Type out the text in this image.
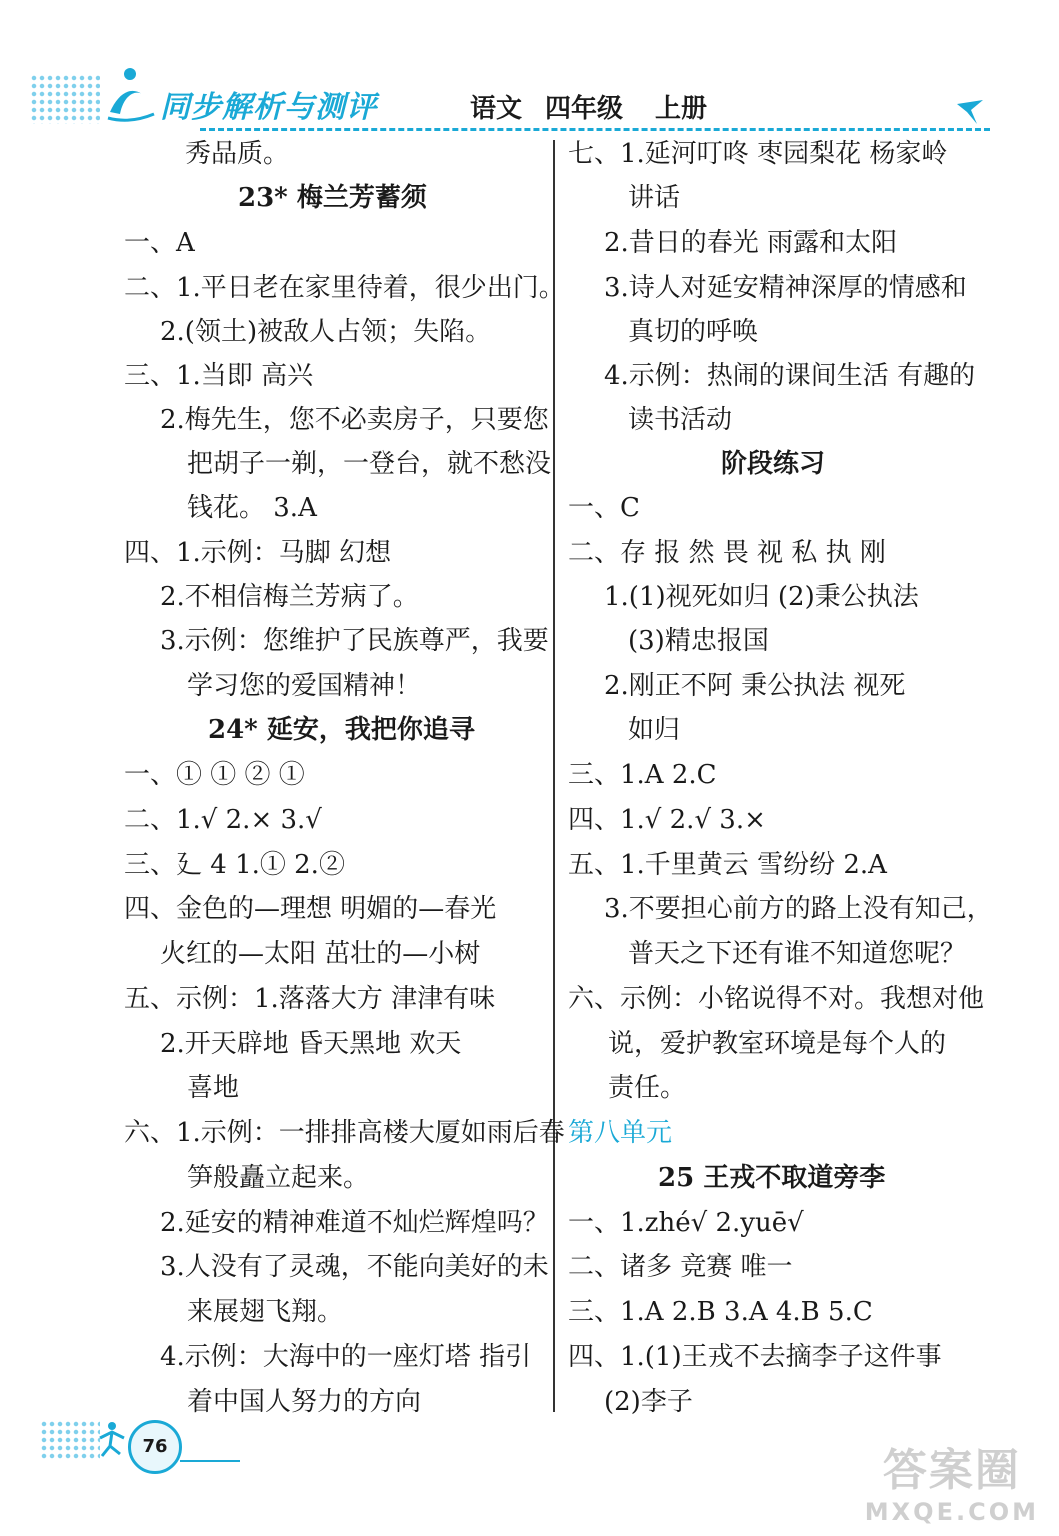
同步解析与测评	语文 四年级 上册
秀品质。
23* 梅兰芳蓄须
一、A
二、1.平日老在家里待着，很少出门。
2.(领土)被敌人占领；失陷。
三、1.当即 高兴
2.梅先生，您不必卖房子，只要您
把胡子一剃，一登台，就不愁没
钱花。 3.A
四、1.示例：马脚 幻想
2.不相信梅兰芳病了。
3.示例：您维护了民族尊严，我要
学习您的爱国精神！
24* 延安，我把你追寻
一、① ① ② ①
二、1.√ 2.× 3.√
三、廴 4 1.① 2.②
四、金色的—理想 明媚的—春光
火红的—太阳 茁壮的—小树
五、示例：1.落落大方 津津有味
2.开天辟地 昏天黑地 欢天
喜地
六、1.示例：一排排高楼大厦如雨后春
笋般矗立起来。
2.延安的精神难道不灿烂辉煌吗？
3.人没有了灵魂，不能向美好的未
来展翅飞翔。
4.示例：大海中的一座灯塔 指引
着中国人努力的方向
七、1.延河叮咚 枣园梨花 杨家岭
讲话
2.昔日的春光 雨露和太阳
3.诗人对延安精神深厚的情感和
真切的呼唤
4.示例：热闹的课间生活 有趣的
读书活动
阶段练习
一、C
二、存 报 然 畏 视 私 执 刚
1.(1)视死如归 (2)秉公执法
(3)精忠报国
2.刚正不阿 秉公执法 视死
如归
三、1.A 2.C
四、1.√ 2.√ 3.×
五、1.千里黄云 雪纷纷 2.A
3.不要担心前方的路上没有知己，
普天之下还有谁不知道您呢？
六、示例：小铭说得不对。我想对他
说，爱护教室环境是每个人的
责任。
第八单元
25 王戎不取道旁李
一、1.zhé√ 2.yuē√
二、诸多 竞赛 唯一
三、1.A 2.B 3.A 4.B 5.C
四、1.(1)王戎不去摘李子这件事
(2)李子
76	答案圈
MXQE.COM
